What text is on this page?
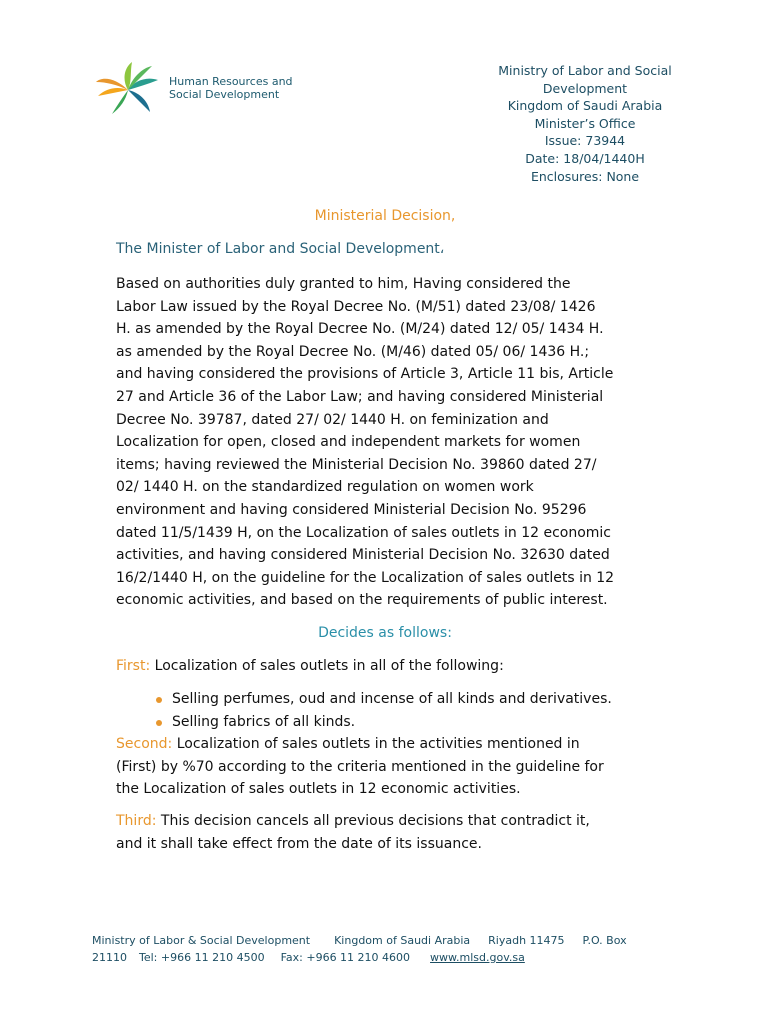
Human Resources and
Social Development
Ministry of Labor and Social
Development
Kingdom of Saudi Arabia
Minister’s Office
Issue: 73944
Date: 18/04/1440H
Enclosures: None
Ministerial Decision,
The Minister of Labor and Social Development،
Based on authorities duly granted to him, Having considered the
Labor Law issued by the Royal Decree No. (M/51) dated 23/08/ 1426
H. as amended by the Royal Decree No. (M/24) dated 12/ 05/ 1434 H.
as amended by the Royal Decree No. (M/46) dated 05/ 06/ 1436 H.;
and having considered the provisions of Article 3, Article 11 bis, Article
27 and Article 36 of the Labor Law; and having considered Ministerial
Decree No. 39787, dated 27/ 02/ 1440 H. on feminization and
Localization for open, closed and independent markets for women
items; having reviewed the Ministerial Decision No. 39860 dated 27/
02/ 1440 H. on the standardized regulation on women work
environment and having considered Ministerial Decision No. 95296
dated 11/5/1439 H, on the Localization of sales outlets in 12 economic
activities, and having considered Ministerial Decision No. 32630 dated
16/2/1440 H, on the guideline for the Localization of sales outlets in 12
economic activities, and based on the requirements of public interest.
Decides as follows:
First: Localization of sales outlets in all of the following:
Selling perfumes, oud and incense of all kinds and derivatives.
Selling fabrics of all kinds.
Second: Localization of sales outlets in the activities mentioned in
(First) by %70 according to the criteria mentioned in the guideline for
the Localization of sales outlets in 12 economic activities.
Third: This decision cancels all previous decisions that contradict it,
and it shall take effect from the date of its issuance.
Ministry of Labor & Social Development Kingdom of Saudi Arabia Riyadh 11475 P.O. Box
21110 Tel: +966 11 210 4500 Fax: +966 11 210 4600 www.mlsd.gov.sa
